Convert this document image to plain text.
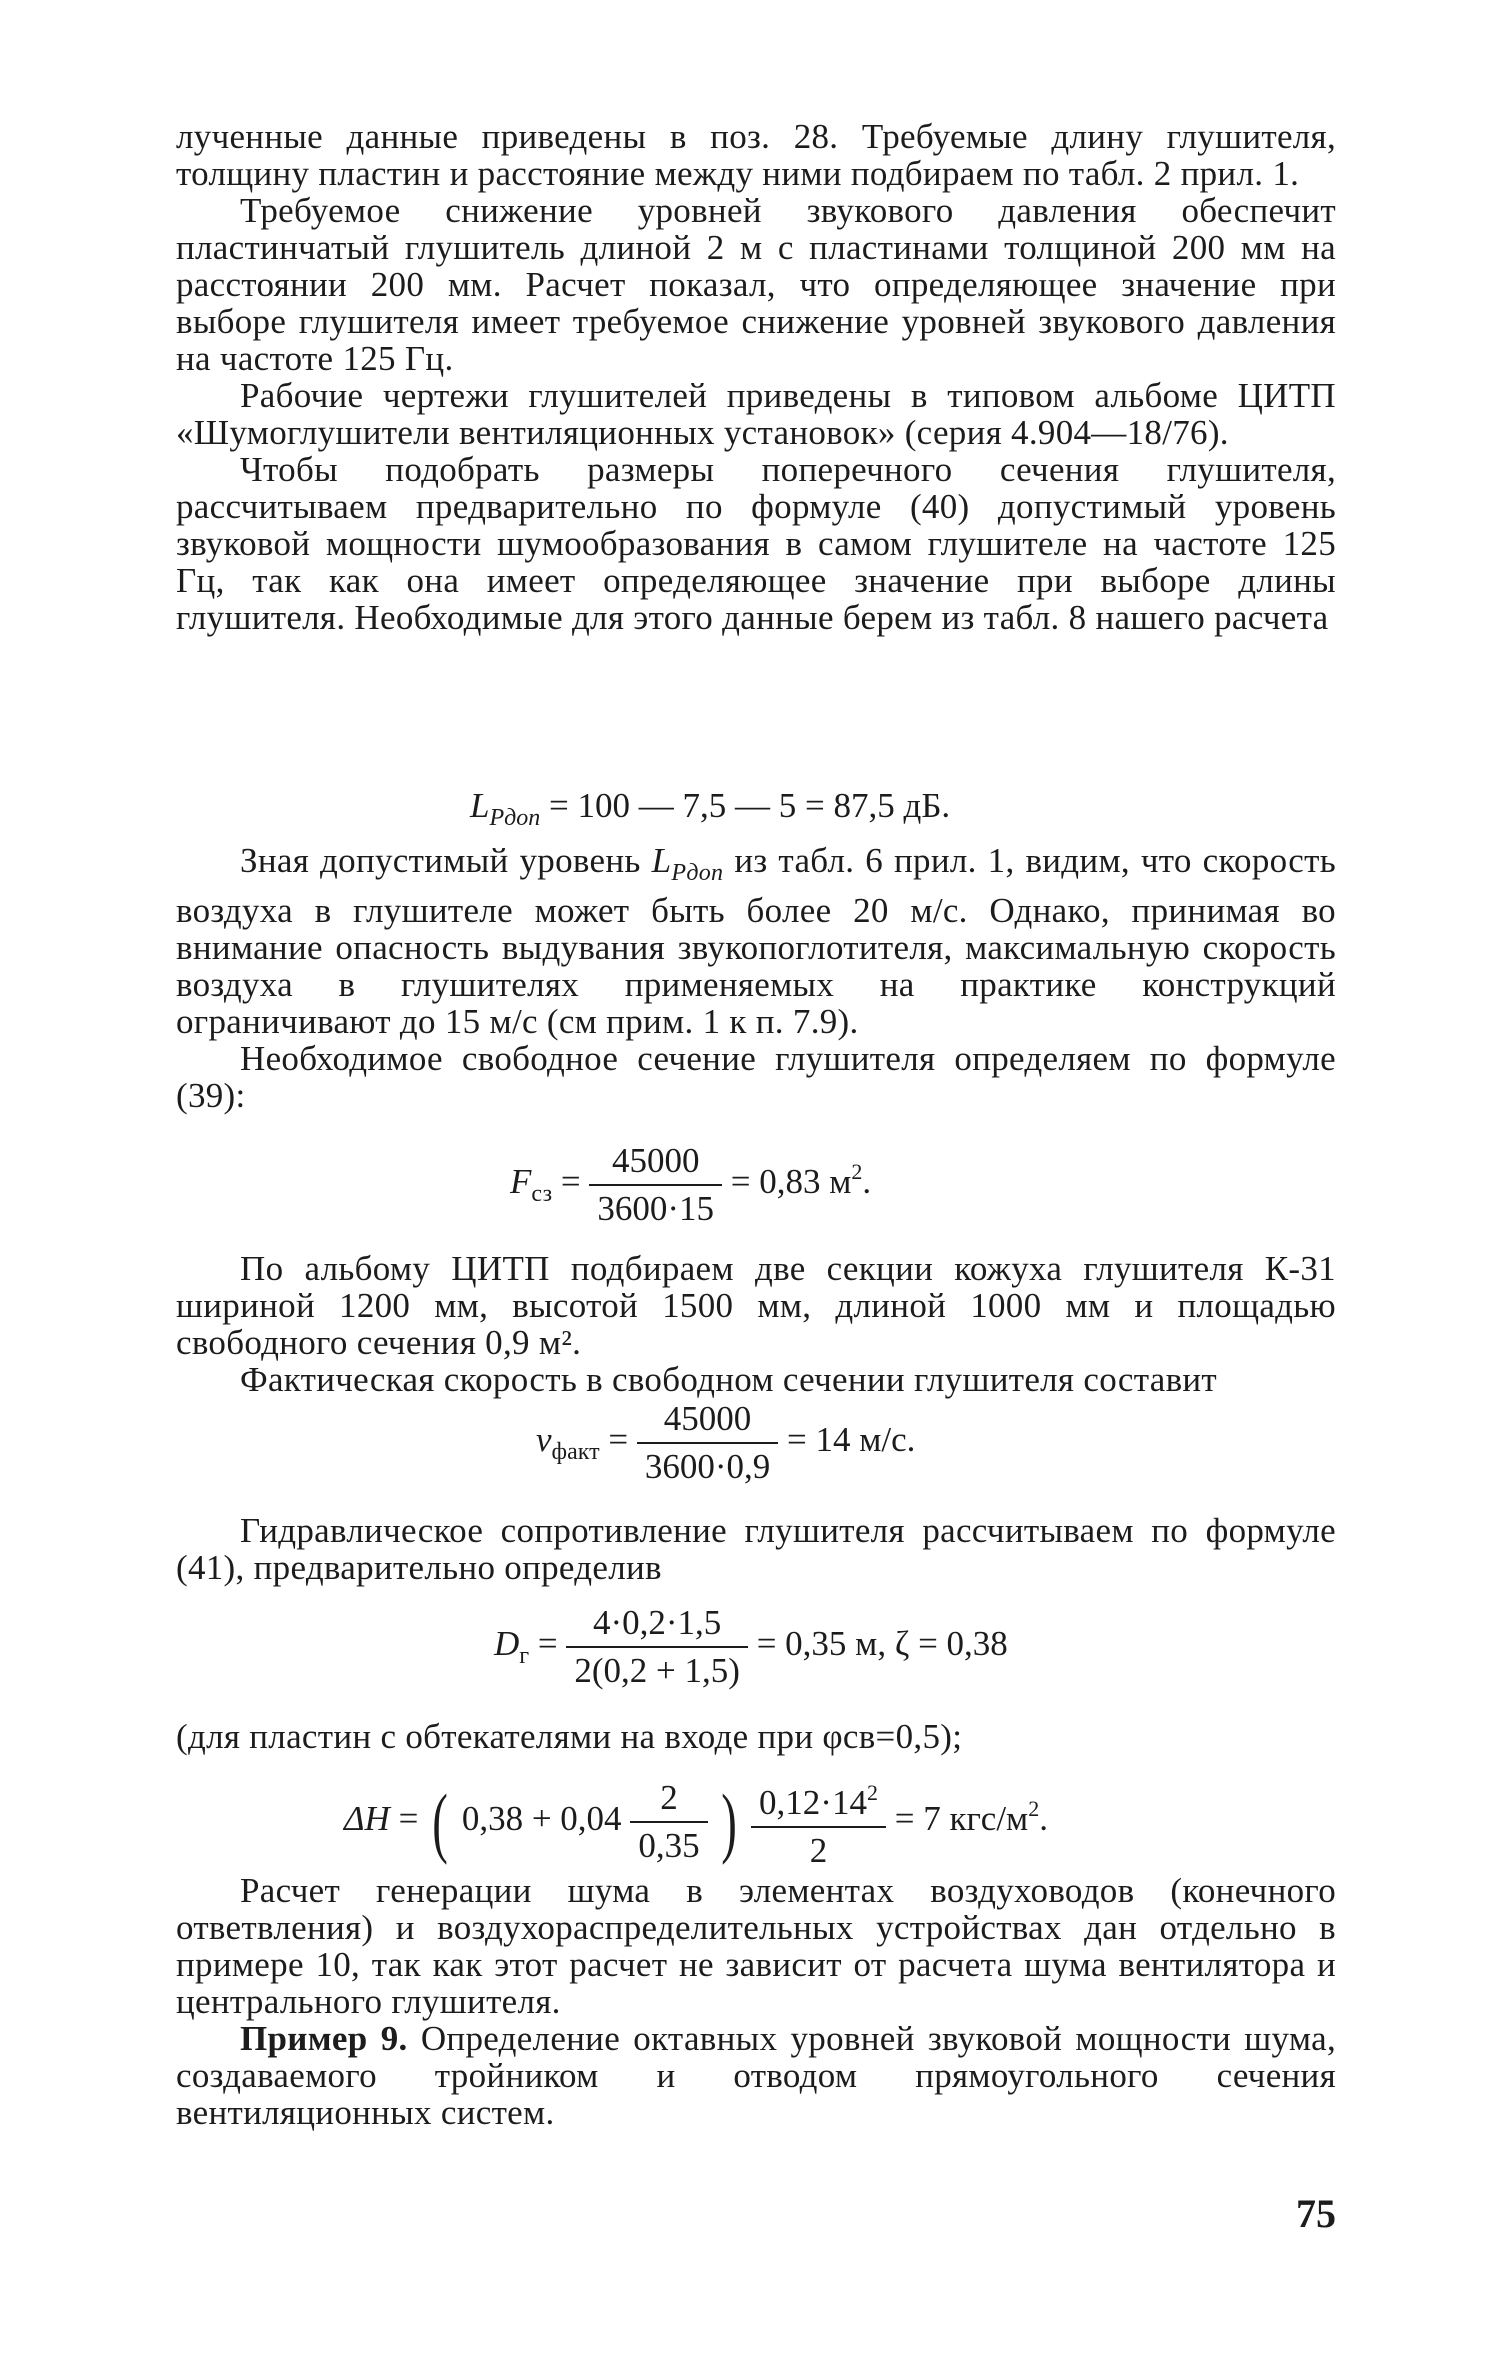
лученные данные приведены в поз. 28. Требуемые длину глушителя, толщину пластин и расстояние между ними подбираем по табл. 2 прил. 1.

Требуемое снижение уровней звукового давления обеспечит пластинчатый глушитель длиной 2 м с пластинами толщиной 200 мм на расстоянии 200 мм. Расчет показал, что определяющее значение при выборе глушителя имеет требуемое снижение уровней звукового давления на частоте 125 Гц.

Рабочие чертежи глушителей приведены в типовом альбоме ЦИТП «Шумоглушители вентиляционных установок» (серия 4.904—18/76).

Чтобы подобрать размеры поперечного сечения глушителя, рассчитываем предварительно по формуле (40) допустимый уровень звуковой мощности шумообразования в самом глушителе на частоте 125 Гц, так как она имеет определяющее значение при выборе длины глушителя. Необходимые для этого данные берем из табл. 8 нашего расчета

$L_{Pдоп} = 100$ — 7,5 — 5 = 87,5 дБ.

Зная допустимый уровень $L_{Pдоп}$ из табл. 6 прил. 1, видим, что скорость воздуха в глушителе может быть более 20 м/с. Однако, принимая во внимание опасность выдувания звукопоглотителя, максимальную скорость воздуха в глушителях применяемых на практике конструкций ограничивают до 15 м/с (см прим. 1 к п. 7.9).

Необходимое свободное сечение глушителя определяем по формуле (39):

$F_{сз} = \frac{45000}{3600\cdot 15} = 0,83$ $м^2$.

По альбому ЦИТП подбираем две секции кожуха глушителя К-31 шириной 1200 мм, высотой 1500 мм, длиной 1000 мм и площадью свободного сечения 0,9 м².

Фактическая скорость в свободном сечении глушителя составит

$v_{факт} = \frac{45000}{3600\cdot 0,9} = 14$ м/с.

Гидравлическое сопротивление глушителя рассчитываем по формуле (41), предварительно определив

$D_г = \frac{4\cdot 0,2\cdot 1,5}{2(0,2 + 1,5)} = 0,35$ м, ζ = 0,38

(для пластин с обтекателями на входе при φсв=0,5);

ΔH = ( $0,38 + 0,04 \frac{2}{0,35}$ ) $\frac{0,12\cdot 14^2}{2} = 7$ кгс/$м^2$.

Расчет генерации шума в элементах воздуховодов (конечного ответвления) и воздухораспределительных устройствах дан отдельно в примере 10, так как этот расчет не зависит от расчета шума вентилятора и центрального глушителя.

Пример 9. Определение октавных уровней звуковой мощности шума, создаваемого тройником и отводом прямоугольного сечения вентиляционных систем.

75
